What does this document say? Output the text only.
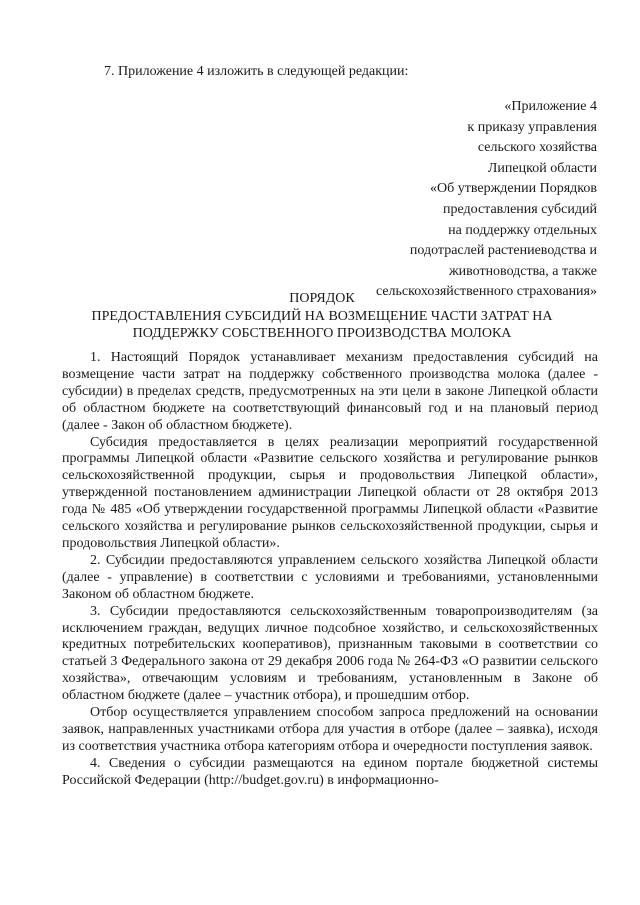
7. Приложение 4 изложить в следующей редакции:
«Приложение 4
к приказу управления
сельского хозяйства
Липецкой области
«Об утверждении Порядков
предоставления субсидий
на поддержку отдельных
подотраслей растениеводства и
животноводства, а также
сельскохозяйственного страхования»
ПОРЯДОК
ПРЕДОСТАВЛЕНИЯ СУБСИДИЙ НА ВОЗМЕЩЕНИЕ ЧАСТИ ЗАТРАТ НА
ПОДДЕРЖКУ СОБСТВЕННОГО ПРОИЗВОДСТВА МОЛОКА

1. Настоящий Порядок устанавливает механизм предоставления субсидий на возмещение части затрат на поддержку собственного производства молока (далее - субсидии) в пределах средств, предусмотренных на эти цели в законе Липецкой области об областном бюджете на соответствующий финансовый год и на плановый период (далее - Закон об областном бюджете).

Субсидия предоставляется в целях реализации мероприятий государственной программы Липецкой области «Развитие сельского хозяйства и регулирование рынков сельскохозяйственной продукции, сырья и продовольствия Липецкой области», утвержденной постановлением администрации Липецкой области от 28 октября 2013 года № 485 «Об утверждении государственной программы Липецкой области «Развитие сельского хозяйства и регулирование рынков сельскохозяйственной продукции, сырья и продовольствия Липецкой области».

2. Субсидии предоставляются управлением сельского хозяйства Липецкой области (далее - управление) в соответствии с условиями и требованиями, установленными Законом об областном бюджете.

3. Субсидии предоставляются сельскохозяйственным товаропроизводителям (за исключением граждан, ведущих личное подсобное хозяйство, и сельскохозяйственных кредитных потребительских кооперативов), признанным таковыми в соответствии со статьей 3 Федерального закона от 29 декабря 2006 года № 264-ФЗ «О развитии сельского хозяйства», отвечающим условиям и требованиям, установленным в Законе об областном бюджете (далее – участник отбора), и прошедшим отбор.

Отбор осуществляется управлением способом запроса предложений на основании заявок, направленных участниками отбора для участия в отборе (далее – заявка), исходя из соответствия участника отбора категориям отбора и очередности поступления заявок.

4. Сведения о субсидии размещаются на едином портале бюджетной системы Российской Федерации (http://budget.gov.ru) в информационно-
